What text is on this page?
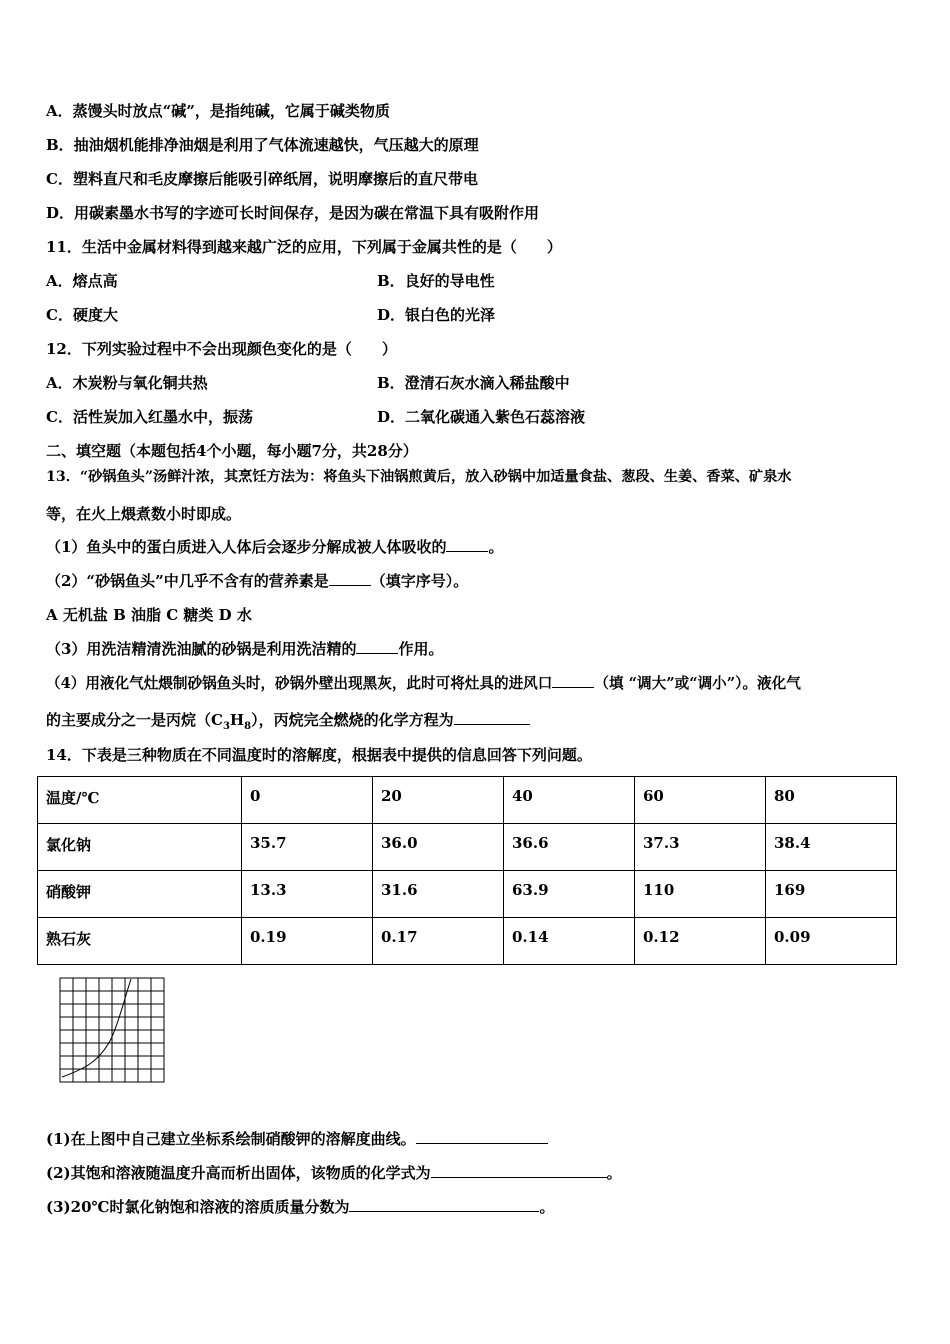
A．蒸馒头时放点“碱”，是指纯碱，它属于碱类物质
B．抽油烟机能排净油烟是利用了气体流速越快，气压越大的原理
C．塑料直尺和毛皮摩擦后能吸引碎纸屑，说明摩擦后的直尺带电
D．用碳素墨水书写的字迹可长时间保存，是因为碳在常温下具有吸附作用
11．生活中金属材料得到越来越广泛的应用，下列属于金属共性的是（　　）
A．熔点高	B．良好的导电性
C．硬度大	D．银白色的光泽
12．下列实验过程中不会出现颜色变化的是（　　）
A．木炭粉与氧化铜共热	B．澄清石灰水滴入稀盐酸中
C．活性炭加入红墨水中，振荡	D．二氧化碳通入紫色石蕊溶液
二、填空题（本题包括4个小题，每小题7分，共28分）
13．“砂锅鱼头”汤鲜汁浓，其烹饪方法为：将鱼头下油锅煎黄后，放入砂锅中加适量食盐、葱段、生姜、香菜、矿泉水
等，在火上煨煮数小时即成。
（1）鱼头中的蛋白质进入人体后会逐步分解成被人体吸收的	。
（2）“砂锅鱼头”中几乎不含有的营养素是	（填字序号）。
A 无机盐 B 油脂 C 糖类 D 水
（3）用洗洁精清洗油腻的砂锅是利用洗洁精的	作用。
（4）用液化气灶煨制砂锅鱼头时，砂锅外壁出现黑灰，此时可将灶具的进风口	（填 “调大”或“调小”）。液化气
的主要成分之一是丙烷$(C_3H_8)$，丙烷完全燃烧的化学方程为
14．下表是三种物质在不同温度时的溶解度，根据表中提供的信息回答下列问题。
温度/℃	0	20	40	60	80
氯化钠	35.7	36.0	36.6	37.3	38.4
硝酸钾	13.3	31.6	63.9	110	169
熟石灰	0.19	0.17	0.14	0.12	0.09
(1)在上图中自己建立坐标系绘制硝酸钾的溶解度曲线。
(2)其饱和溶液随温度升高而析出固体，该物质的化学式为	。
(3)20℃时氯化钠饱和溶液的溶质质量分数为	。
